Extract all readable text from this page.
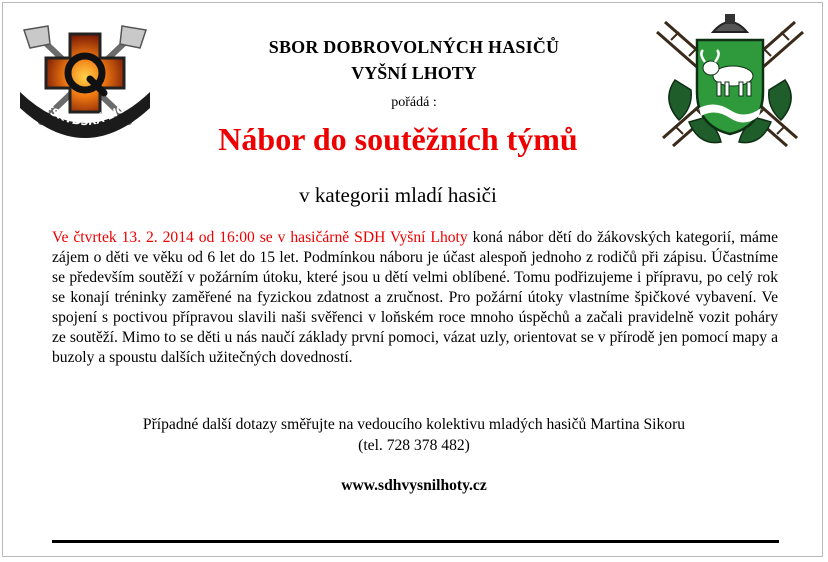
BESKYDSKÁ LIGA
SBOR DOBROVOLNÝCH HASIČŮ
VYŠNÍ LHOTY
pořádá :
Nábor do soutěžních týmů
v kategorii mladí hasiči
Ve čtvrtek 13. 2. 2014 od 16:00 se v hasičárně SDH Vyšní Lhoty koná nábor dětí do žákovských kategorií, máme zájem o děti ve věku od 6 let do 15 let. Podmínkou náboru je účast alespoň jednoho z rodičů při zápisu. Účastníme se především soutěží v požárním útoku, které jsou u dětí velmi oblíbené. Tomu podřizujeme i přípravu, po celý rok se konají tréninky zaměřené na fyzickou zdatnost a zručnost. Pro požární útoky vlastníme špičkové vybavení. Ve spojení s poctivou přípravou slavili naši svěřenci v loňském roce mnoho úspěchů a začali pravidelně vozit poháry ze soutěží. Mimo to se děti u nás naučí základy první pomoci, vázat uzly, orientovat se v přírodě jen pomocí mapy a buzoly a spoustu dalších užitečných dovedností.
Případné další dotazy směřujte na vedoucího kolektivu mladých hasičů Martina Sikoru
(tel. 728 378 482)
www.sdhvysnilhoty.cz
